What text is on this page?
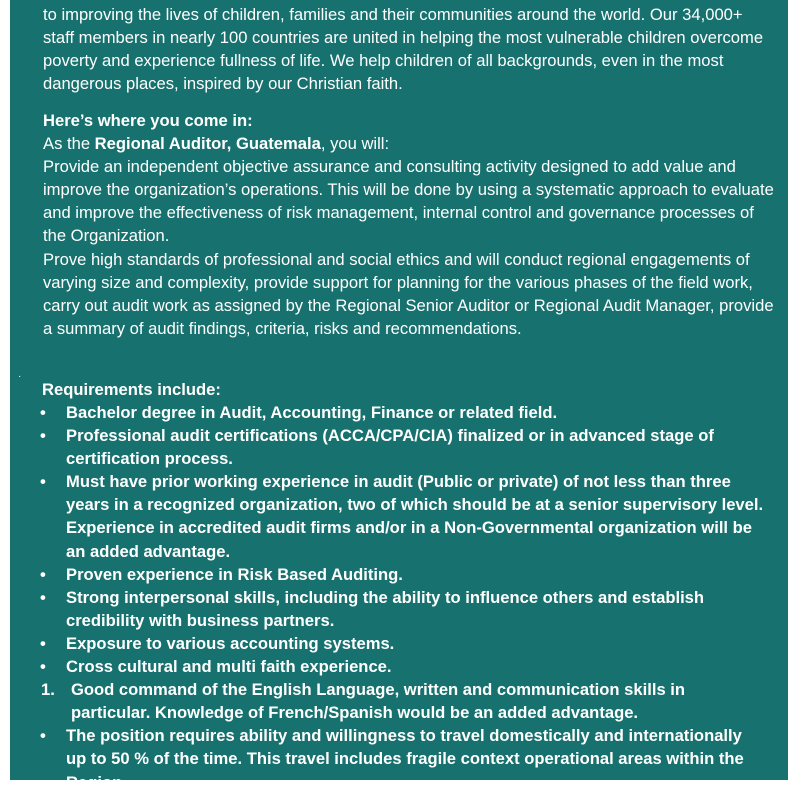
to improving the lives of children, families and their communities around the world. Our 34,000+ staff members in nearly 100 countries are united in helping the most vulnerable children overcome poverty and experience fullness of life. We help children of all backgrounds, even in the most dangerous places, inspired by our Christian faith.

Here’s where you come in:
As the Regional Auditor, Guatemala, you will:
Provide an independent objective assurance and consulting activity designed to add value and improve the organization’s operations. This will be done by using a systematic approach to evaluate and improve the effectiveness of risk management, internal control and governance processes of the Organization.
Prove high standards of professional and social ethics and will conduct regional engagements of varying size and complexity, provide support for planning for the various phases of the field work, carry out audit work as assigned by the Regional Senior Auditor or Regional Audit Manager, provide a summary of audit findings, criteria, risks and recommendations.
·
Requirements include:
• Bachelor degree in Audit, Accounting, Finance or related field.
• Professional audit certifications (ACCA/CPA/CIA) finalized or in advanced stage of certification process.
• Must have prior working experience in audit (Public or private) of not less than three years in a recognized organization, two of which should be at a senior supervisory level. Experience in accredited audit firms and/or in a Non-Governmental organization will be an added advantage.
• Proven experience in Risk Based Auditing.
• Strong interpersonal skills, including the ability to influence others and establish credibility with business partners.
• Exposure to various accounting systems.
• Cross cultural and multi faith experience.
1. Good command of the English Language, written and communication skills in particular. Knowledge of French/Spanish would be an added advantage.
• The position requires ability and willingness to travel domestically and internationally up to 50 % of the time. This travel includes fragile context operational areas within the Region.
